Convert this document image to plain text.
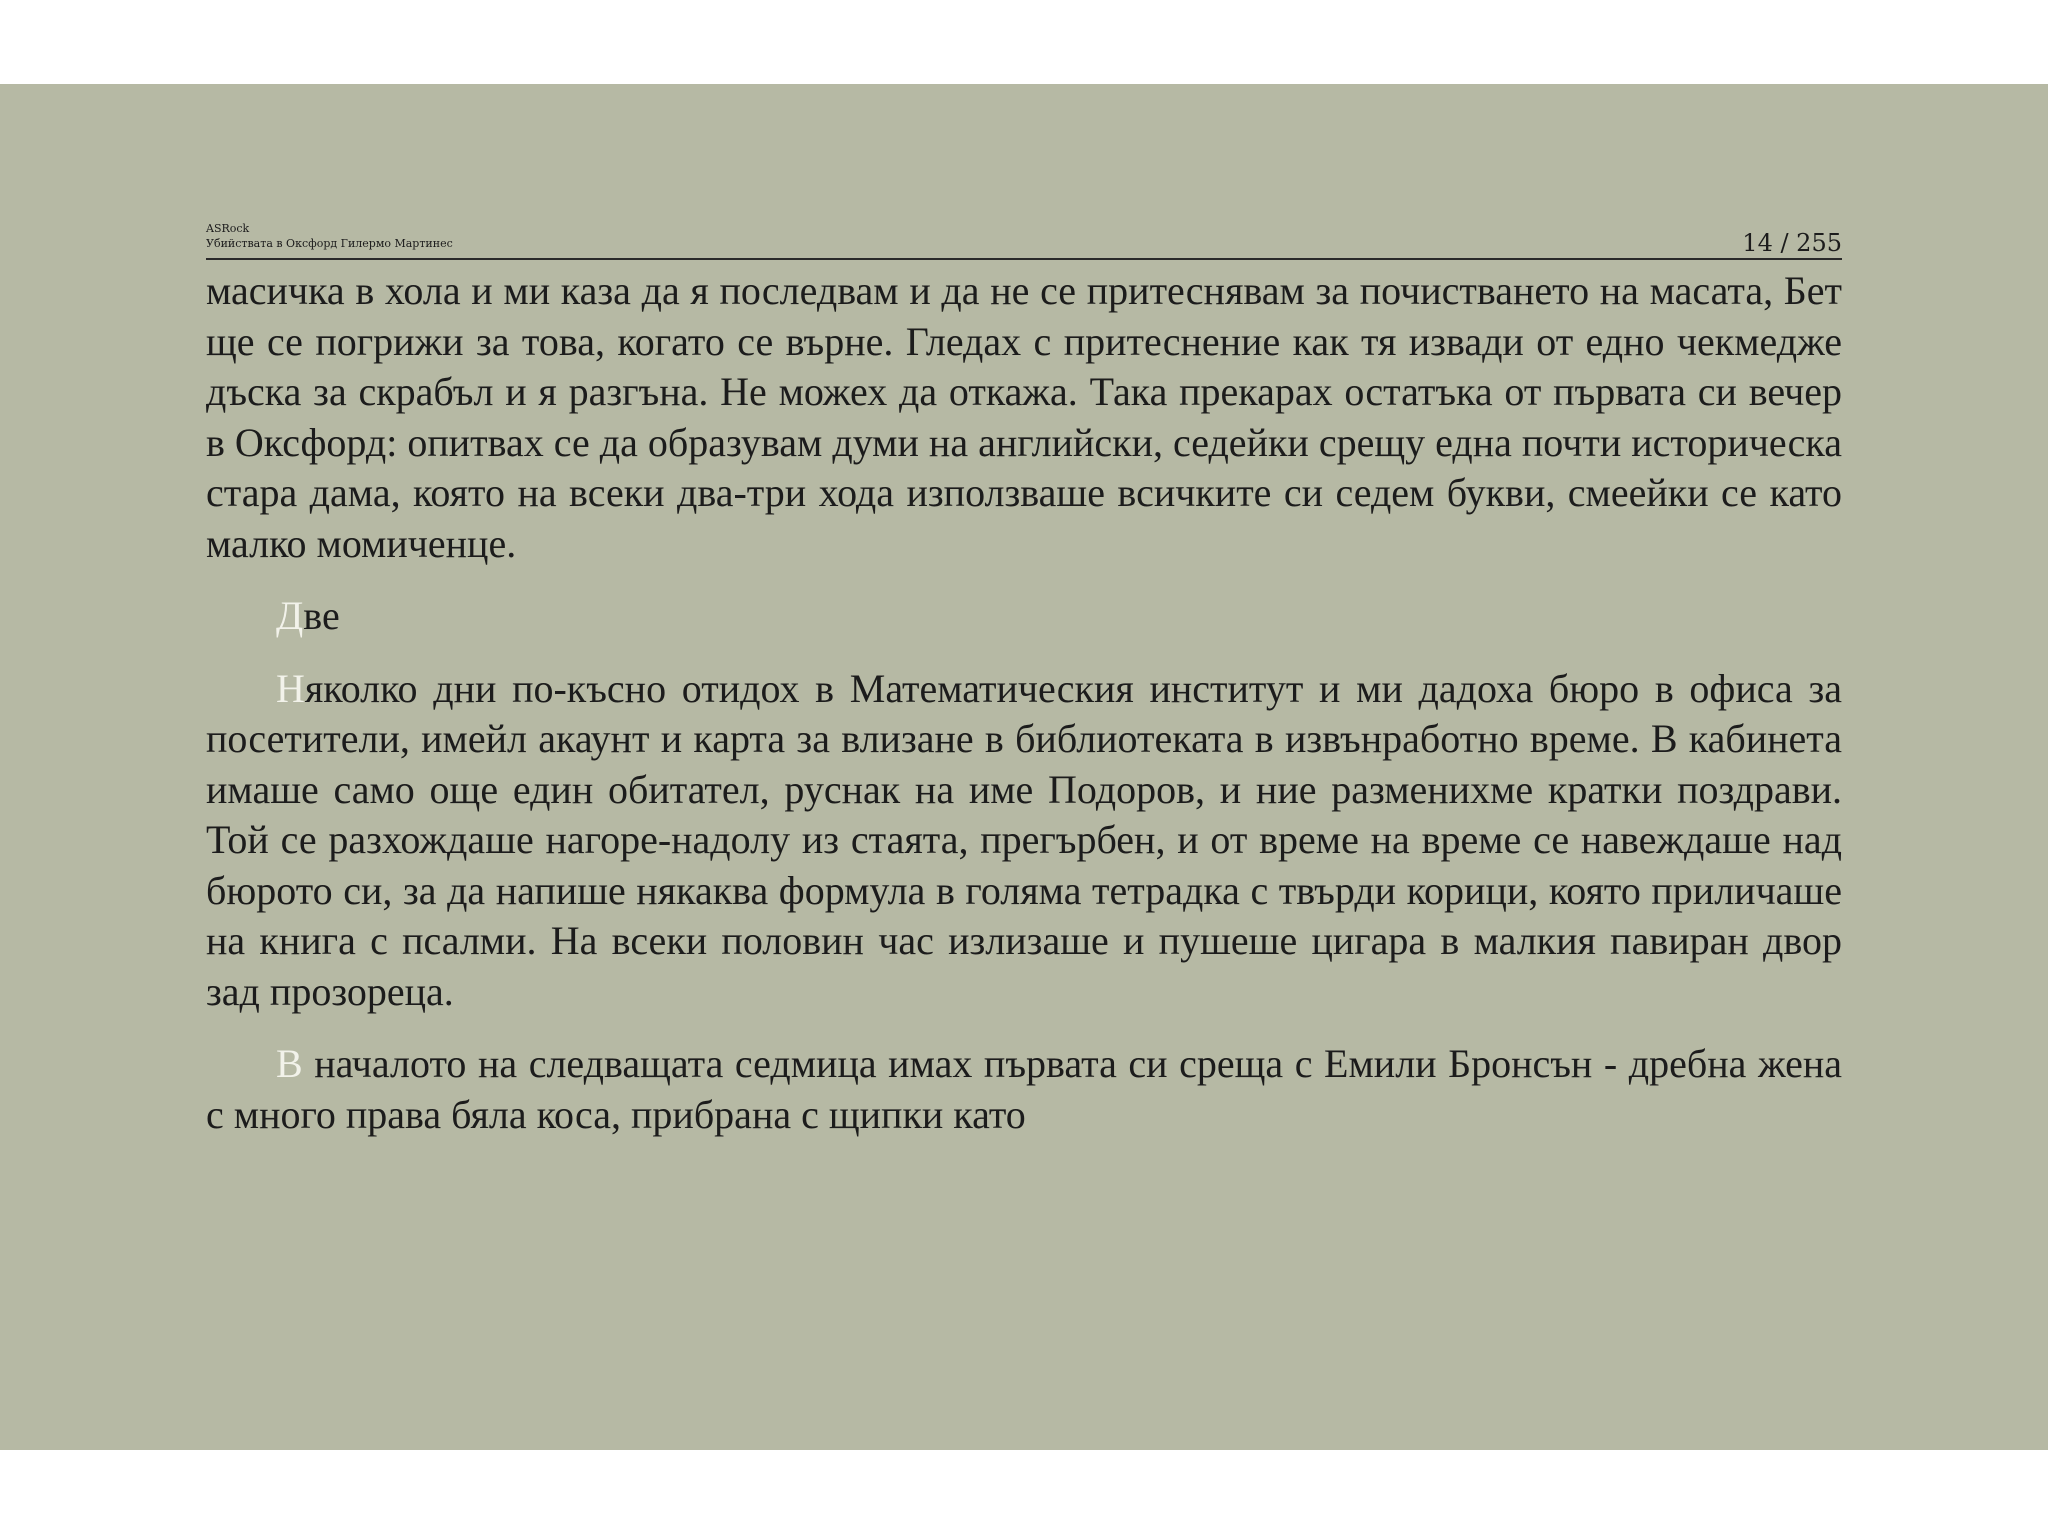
ASRock
Убийствата в Оксфорд Гилермо Мартинес	14 / 255

масичка в хола и ми каза да я последвам и да не се притеснявам за почистването на масата, Бет ще се погрижи за това, когато се върне. Гледах с притеснение как тя извади от едно чекмедже дъска за скрабъл и я разгъна. Не можех да откажа. Така прекарах остатъка от първата си вечер в Оксфорд: опитвах се да образувам думи на английски, седейки срещу една почти историческа стара дама, която на всеки два-три хода използваше всичките си седем букви, смеейки се като малко момиченце.

Две

Няколко дни по-късно отидох в Математическия институт и ми дадоха бюро в офиса за посетители, имейл акаунт и карта за влизане в библиотеката в извънработно време. В кабинета имаше само още един обитател, руснак на име Подоров, и ние разменихме кратки поздрави. Той се разхождаше нагоре-надолу из стаята, прегърбен, и от време на време се навеждаше над бюрото си, за да напише някаква формула в голяма тетрадка с твърди корици, която приличаше на книга с псалми. На всеки половин час излизаше и пушеше цигара в малкия павиран двор зад прозореца.

В началото на следващата седмица имах първата си среща с Емили Бронсън - дребна жена с много права бяла коса, прибрана с щипки като
